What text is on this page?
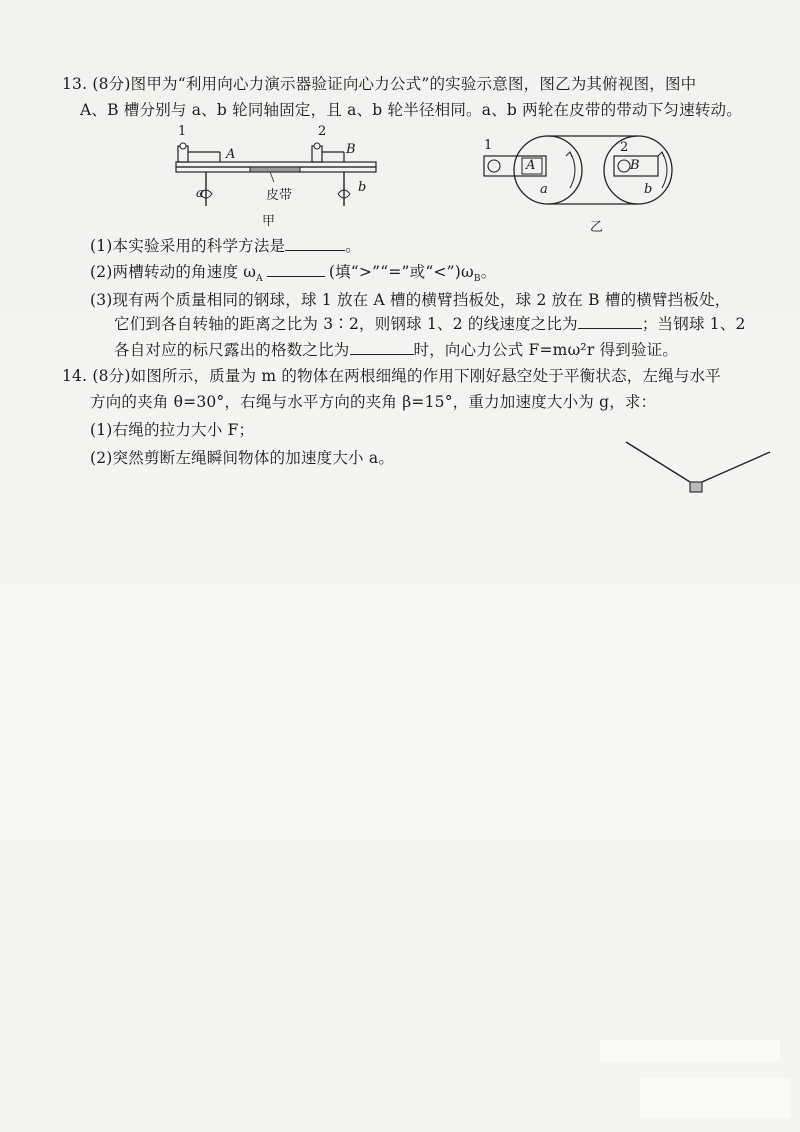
13. (8分)图甲为“利用向心力演示器验证向心力公式”的实验示意图，图乙为其俯视图，图中
A、B 槽分别与 a、b 轮同轴固定，且 a、b 轮半径相同。a、b 两轮在皮带的带动下匀速转动。
1	2
A	B
a	b
皮带
甲
1	2
A	B
a	b
乙
(1)本实验采用的科学方法是	。
(2)两槽转动的角速度 $\omega_A$	(填“>”“=”或“$<”)\omega_B$。
(3)现有两个质量相同的钢球，球 1 放在 A 槽的横臂挡板处，球 2 放在 B 槽的横臂挡板处，
它们到各自转轴的距离之比为 3∶2，则钢球 1、2 的线速度之比为	；当钢球 1、2
各自对应的标尺露出的格数之比为	时，向心力公式 F=mω²r 得到验证。
14. (8分)如图所示，质量为 m 的物体在两根细绳的作用下刚好悬空处于平衡状态，左绳与水平
方向的夹角 θ=30°，右绳与水平方向的夹角 β=15°，重力加速度大小为 g，求：
(1)右绳的拉力大小 F；
(2)突然剪断左绳瞬间物体的加速度大小 a。
